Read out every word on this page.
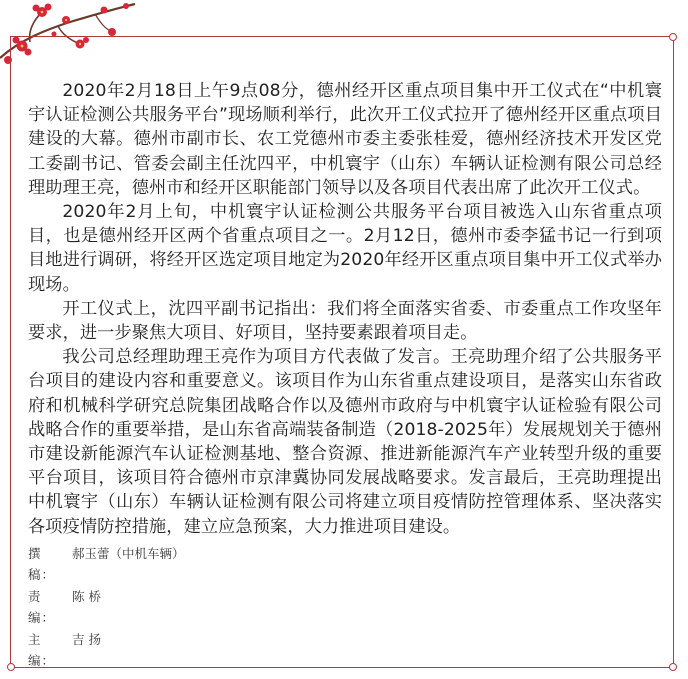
2020年2月18日上午9点08分，德州经开区重点项目集中开工仪式在“中机寰宇认证检测公共服务平台”现场顺利举行，此次开工仪式拉开了德州经开区重点项目建设的大幕。德州市副市长、农工党德州市委主委张桂爱，德州经济技术开发区党工委副书记、管委会副主任沈四平，中机寰宇（山东）车辆认证检测有限公司总经理助理王亮，德州市和经开区职能部门领导以及各项目代表出席了此次开工仪式。

2020年2月上旬，中机寰宇认证检测公共服务平台项目被选入山东省重点项目，也是德州经开区两个省重点项目之一。2月12日，德州市委李猛书记一行到项目地进行调研，将经开区选定项目地定为2020年经开区重点项目集中开工仪式举办现场。

开工仪式上，沈四平副书记指出：我们将全面落实省委、市委重点工作攻坚年要求，进一步聚焦大项目、好项目，坚持要素跟着项目走。

我公司总经理助理王亮作为项目方代表做了发言。王亮助理介绍了公共服务平台项目的建设内容和重要意义。该项目作为山东省重点建设项目，是落实山东省政府和机械科学研究总院集团战略合作以及德州市政府与中机寰宇认证检验有限公司战略合作的重要举措，是山东省高端装备制造（2018-2025年）发展规划关于德州市建设新能源汽车认证检测基地、整合资源、推进新能源汽车产业转型升级的重要平台项目，该项目符合德州市京津冀协同发展战略要求。发言最后，王亮助理提出中机寰宇（山东）车辆认证检测有限公司将建立项目疫情防控管理体系、坚决落实各项疫情防控措施，建立应急预案，大力推进项目建设。

撰 稿：
郝玉蕾（中机车辆）
责 编：
陈 桥
主 编：
吉 扬
